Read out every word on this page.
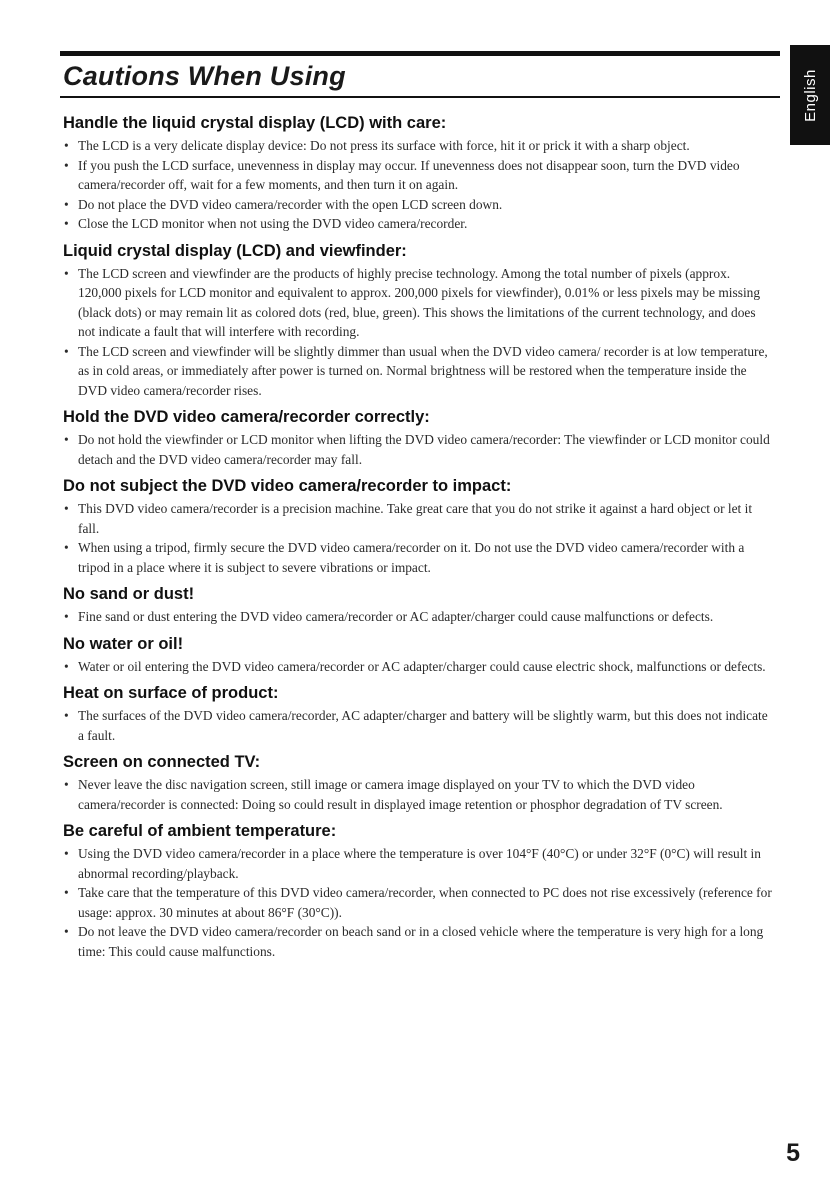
Cautions When Using	English
Handle the liquid crystal display (LCD) with care:
• The LCD is a very delicate display device: Do not press its surface with force, hit it or prick it with a sharp object.
• If you push the LCD surface, unevenness in display may occur. If unevenness does not disappear soon, turn the DVD video camera/recorder off, wait for a few moments, and then turn it on again.
• Do not place the DVD video camera/recorder with the open LCD screen down.
• Close the LCD monitor when not using the DVD video camera/recorder.
Liquid crystal display (LCD) and viewfinder:
• The LCD screen and viewfinder are the products of highly precise technology. Among the total number of pixels (approx. 120,000 pixels for LCD monitor and equivalent to approx. 200,000 pixels for viewfinder), 0.01% or less pixels may be missing (black dots) or may remain lit as colored dots (red, blue, green). This shows the limitations of the current technology, and does not indicate a fault that will interfere with recording.
• The LCD screen and viewfinder will be slightly dimmer than usual when the DVD video camera/ recorder is at low temperature, as in cold areas, or immediately after power is turned on. Normal brightness will be restored when the temperature inside the DVD video camera/recorder rises.
Hold the DVD video camera/recorder correctly:
• Do not hold the viewfinder or LCD monitor when lifting the DVD video camera/recorder: The viewfinder or LCD monitor could detach and the DVD video camera/recorder may fall.
Do not subject the DVD video camera/recorder to impact:
• This DVD video camera/recorder is a precision machine. Take great care that you do not strike it against a hard object or let it fall.
• When using a tripod, firmly secure the DVD video camera/recorder on it. Do not use the DVD video camera/recorder with a tripod in a place where it is subject to severe vibrations or impact.
No sand or dust!
• Fine sand or dust entering the DVD video camera/recorder or AC adapter/charger could cause malfunctions or defects.
No water or oil!
• Water or oil entering the DVD video camera/recorder or AC adapter/charger could cause electric shock, malfunctions or defects.
Heat on surface of product:
• The surfaces of the DVD video camera/recorder, AC adapter/charger and battery will be slightly warm, but this does not indicate a fault.
Screen on connected TV:
• Never leave the disc navigation screen, still image or camera image displayed on your TV to which the DVD video camera/recorder is connected: Doing so could result in displayed image retention or phosphor degradation of TV screen.
Be careful of ambient temperature:
• Using the DVD video camera/recorder in a place where the temperature is over 104°F (40°C) or under 32°F (0°C) will result in abnormal recording/playback.
• Take care that the temperature of this DVD video camera/recorder, when connected to PC does not rise excessively (reference for usage: approx. 30 minutes at about 86°F (30°C)).
• Do not leave the DVD video camera/recorder on beach sand or in a closed vehicle where the temperature is very high for a long time: This could cause malfunctions.
5
